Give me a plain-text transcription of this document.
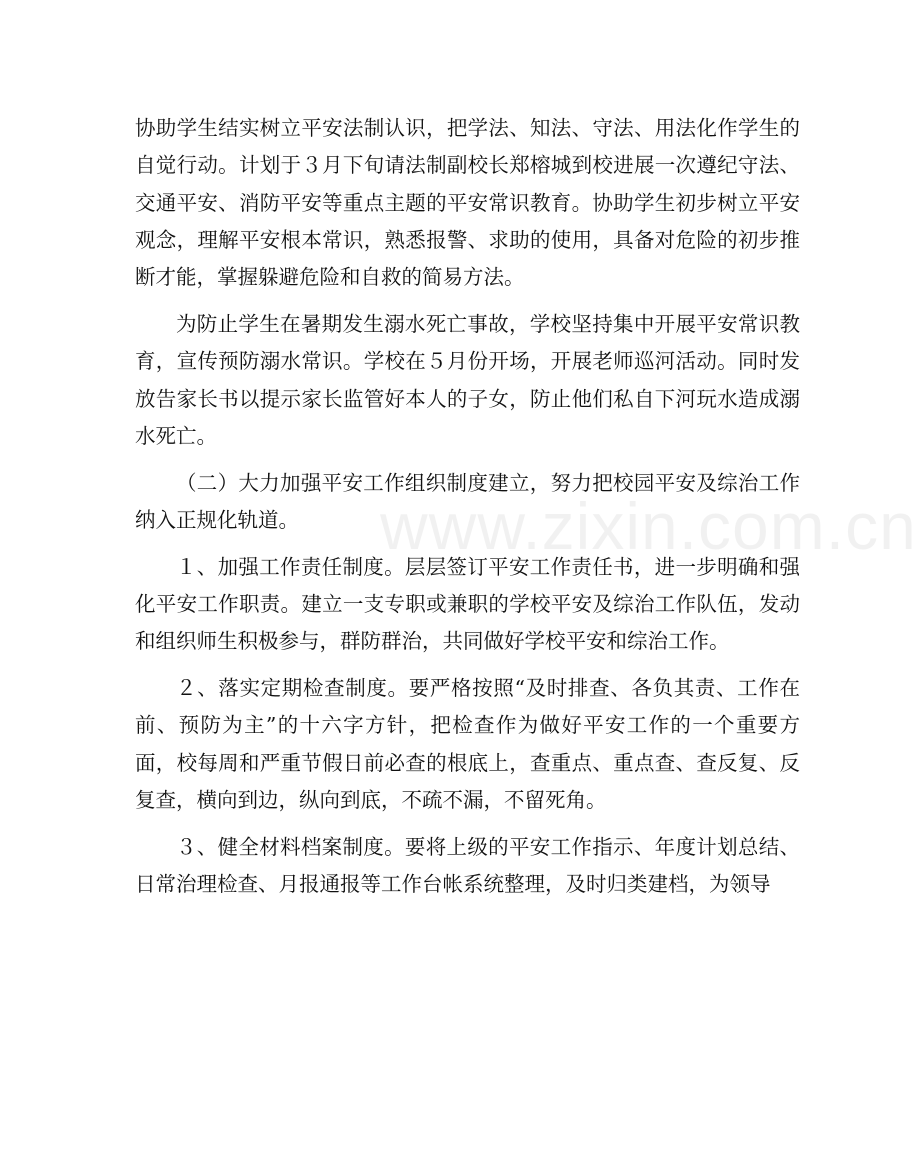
www.zixin.com.cn

协助学生结实树立平安法制认识，把学法、知法、守法、用法化作学生的自觉行动。计划于３月下旬请法制副校长郑榕城到校进展一次遵纪守法、交通平安、消防平安等重点主题的平安常识教育。协助学生初步树立平安观念，理解平安根本常识，熟悉报警、求助的使用，具备对危险的初步推断才能，掌握躲避危险和自救的简易方法。

为防止学生在暑期发生溺水死亡事故，学校坚持集中开展平安常识教育，宣传预防溺水常识。学校在５月份开场，开展老师巡河活动。同时发放告家长书以提示家长监管好本人的子女，防止他们私自下河玩水造成溺水死亡。

（二）大力加强平安工作组织制度建立，努力把校园平安及综治工作纳入正规化轨道。

１、加强工作责任制度。层层签订平安工作责任书，进一步明确和强化平安工作职责。建立一支专职或兼职的学校平安及综治工作队伍，发动和组织师生积极参与，群防群治，共同做好学校平安和综治工作。

２、落实定期检查制度。要严格按照“及时排查、各负其责、工作在前、预防为主”的十六字方针，把检查作为做好平安工作的一个重要方面，校每周和严重节假日前必查的根底上，查重点、重点查、查反复、反复查，横向到边，纵向到底，不疏不漏，不留死角。

３、健全材料档案制度。要将上级的平安工作指示、年度计划总结、日常治理检查、月报通报等工作台帐系统整理，及时归类建档，为领导
